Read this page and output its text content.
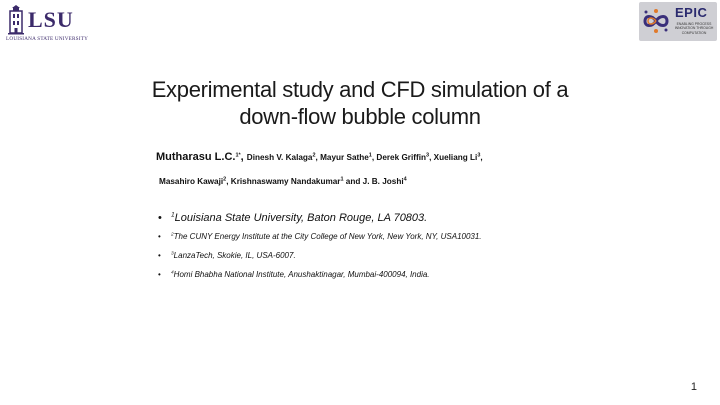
LSU
LOUISIANA STATE UNIVERSITY
EPIC
ENABLING PROCESS INNOVATION THROUGH COMPUTATION
Experimental study and CFD simulation of a
down-flow bubble column
Mutharasu L.C.$^{1*}$, Dinesh V. Kalaga$^2$, Mayur Sathe$^1$, Derek Griffin$^3$, Xueliang Li$^3$,
Masahiro Kawaji$^2$, Krishnaswamy Nandakumar$^1$ and J. B. Joshi$^4$
• $^1$Louisiana State University, Baton Rouge, LA 70803.
• $^2$The CUNY Energy Institute at the City College of New York, New York, NY, USA10031.
• $^3$LanzaTech, Skokie, IL, USA-6007.
• $^4$Homi Bhabha National Institute, Anushaktinagar, Mumbai-400094, India.
1
